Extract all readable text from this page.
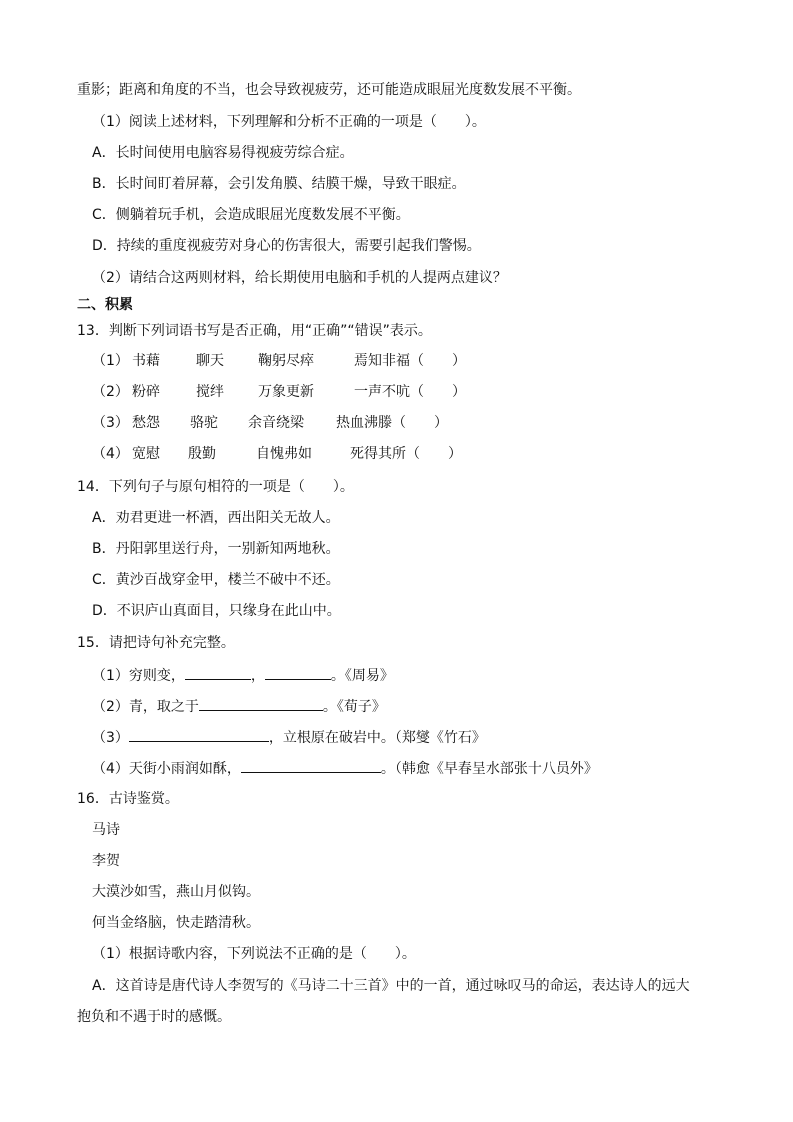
重影；距离和角度的不当，也会导致视疲劳，还可能造成眼屈光度数发展不平衡。
（1）阅读上述材料，下列理解和分析不正确的一项是（　　）。
A．长时间使用电脑容易得视疲劳综合症。
B．长时间盯着屏幕，会引发角膜、结膜干燥，导致干眼症。
C．侧躺着玩手机，会造成眼屈光度数发展不平衡。
D．持续的重度视疲劳对身心的伤害很大，需要引起我们警惕。
（2）请结合这两则材料，给长期使用电脑和手机的人提两点建议？
二、积累
13．判断下列词语书写是否正确，用“正确”“错误”表示。
（1） 书藉	聊天 鞠躬尽瘁	焉知非福（　　）
（2） 粉碎	搅绊 万象更新	一声不吭（　　）
（3） 愁怨 骆驼 余音绕梁 热血沸滕（　　）
（4） 宽慰 殷勤	自愧弗如	死得其所（　　）
14．下列句子与原句相符的一项是（　　）。
A．劝君更进一杯酒，西出阳关无故人。
B．丹阳郭里送行舟，一别新知两地秋。
C．黄沙百战穿金甲，楼兰不破中不还。
D．不识庐山真面目，只缘身在此山中。
15．请把诗句补充完整。
（1）穷则变，	，	。《周易》
（2）青，取之于	。《荀子》
（3）	，立根原在破岩中。（郑燮《竹石》
（4）天街小雨润如酥，	。（韩愈《早春呈水部张十八员外》
16．古诗鉴赏。
马诗
李贺
大漠沙如雪，燕山月似钩。
何当金络脑，快走踏清秋。
（1）根据诗歌内容，下列说法不正确的是（　　）。
A．这首诗是唐代诗人李贺写的《马诗二十三首》中的一首，通过咏叹马的命运，表达诗人的远大
抱负和不遇于时的感慨。
